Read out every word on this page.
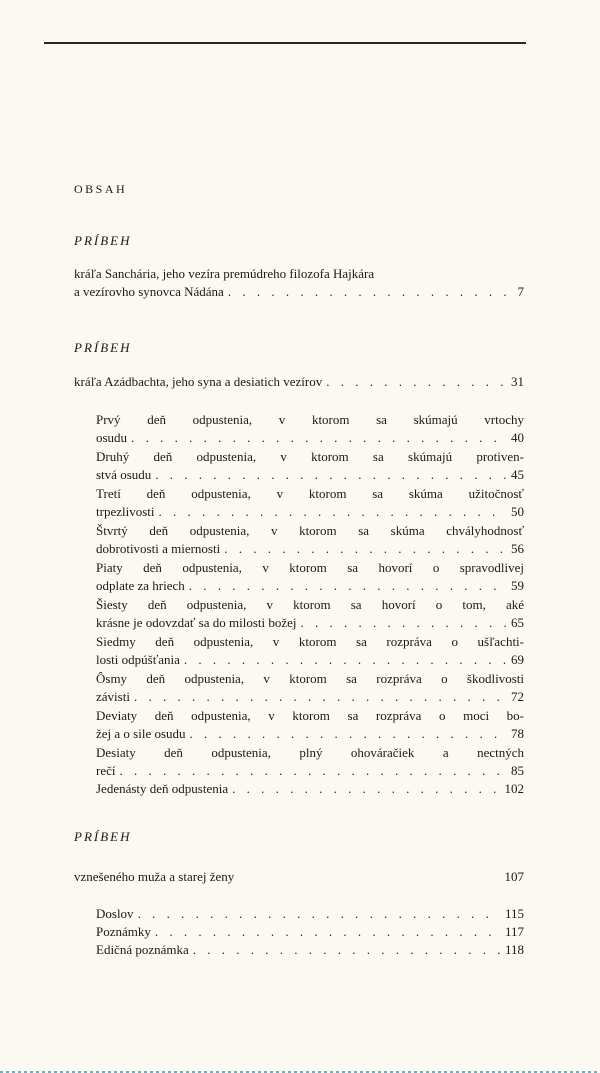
OBSAH
PRÍBEH
kráľa Sanchária, jeho vezíra premúdreho filozofa Hajkára
a vezírovho synovca Nádána . . .	7
PRÍBEH
kráľa Azádbachta, jeho syna a desiatich vezírov . . .	31
Prvý deň odpustenia, v ktorom sa skúmajú vrtochy
osudu . . .	40
Druhý deň odpustenia, v ktorom sa skúmajú protiven-
stvá osudu . . .	45
Tretí deň odpustenia, v ktorom sa skúma užitočnosť
trpezlivosti . . .	50
Štvrtý deň odpustenia, v ktorom sa skúma chvályhodnosť
dobrotivosti a miernosti . . .	56
Piaty deň odpustenia, v ktorom sa hovorí o spravodlivej
odplate za hriech . . .	59
Šiesty deň odpustenia, v ktorom sa hovorí o tom, aké
krásne je odovzdať sa do milosti božej . . .	65
Siedmy deň odpustenia, v ktorom sa rozpráva o ušľachti-
losti odpúšťania . . .	69
Ôsmy deň odpustenia, v ktorom sa rozpráva o škodlivosti
závisti . . .	72
Deviaty deň odpustenia, v ktorom sa rozpráva o moci bo-
žej a o sile osudu . . .	78
Desiaty deň odpustenia, plný ohováračiek a nectných
rečí . . .	85
Jedenásty deň odpustenia . . .	102
PRÍBEH
vznešeného muža a starej ženy	107
Doslov . . .	115
Poznámky . . .	117
Edičná poznámka . . .	118
